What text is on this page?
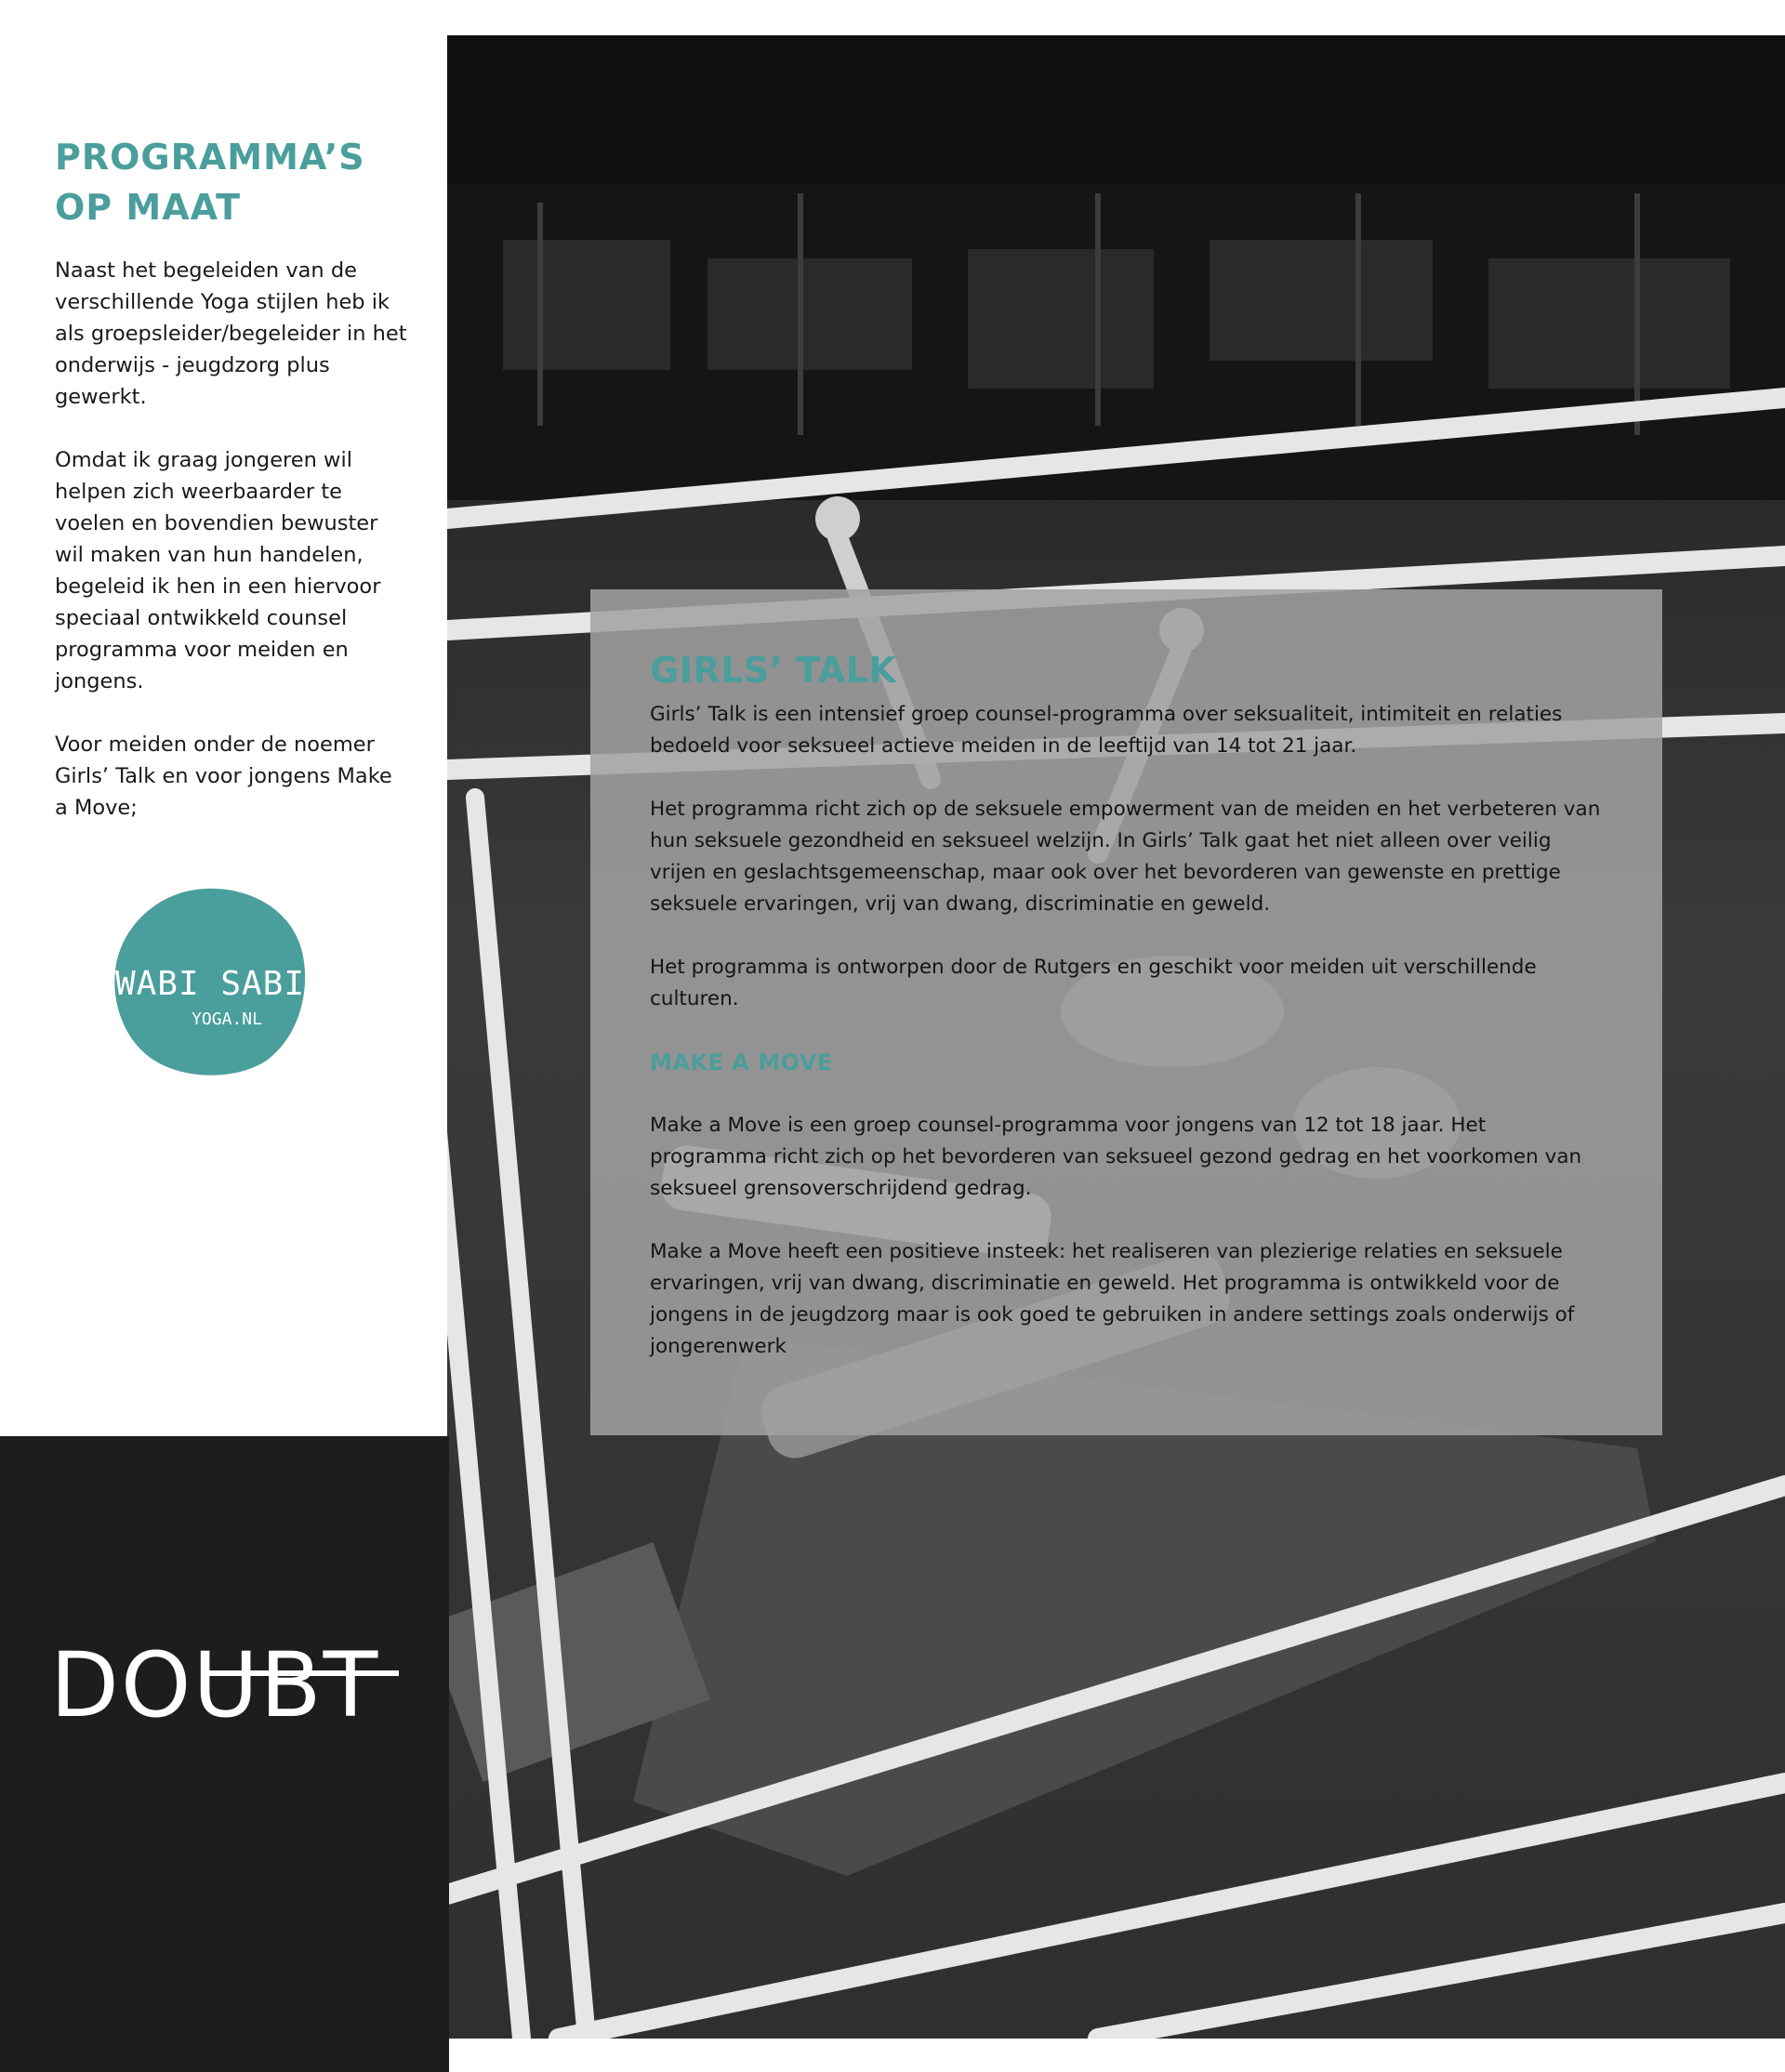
PROGRAMMA’S
OP MAAT

Naast het begeleiden van de verschillende Yoga stijlen heb ik als groepsleider/begeleider in het onderwijs - jeugdzorg plus gewerkt.

Omdat ik graag jongeren wil helpen zich weerbaarder te voelen en bovendien bewuster wil maken van hun handelen, begeleid ik hen in een hiervoor speciaal ontwikkeld counsel programma voor meiden en jongens.

Voor meiden onder de noemer Girls’ Talk en voor jongens Make a Move;

WABI SABI
YOGA.NL
GIRLS’ TALK

Girls’ Talk is een intensief groep counsel-programma over seksualiteit, intimiteit en relaties bedoeld voor seksueel actieve meiden in de leeftijd van 14 tot 21 jaar.

Het programma richt zich op de seksuele empowerment van de meiden en het verbeteren van hun seksuele gezondheid en seksueel welzijn. In Girls’ Talk gaat het niet alleen over veilig vrijen en geslachtsgemeenschap, maar ook over het bevorderen van gewenste en prettige seksuele ervaringen, vrij van dwang, discriminatie en geweld.

Het programma is ontworpen door de Rutgers en geschikt voor meiden uit verschillende culturen.

MAKE A MOVE

Make a Move is een groep counsel-programma voor jongens van 12 tot 18 jaar. Het programma richt zich op het bevorderen van seksueel gezond gedrag en het voorkomen van seksueel grensoverschrijdend gedrag.

Make a Move heeft een positieve insteek: het realiseren van plezierige relaties en seksuele ervaringen, vrij van dwang, discriminatie en geweld. Het programma is ontwikkeld voor de jongens in de jeugdzorg maar is ook goed te gebruiken in andere settings zoals onderwijs of jongerenwerk

DOUBT
